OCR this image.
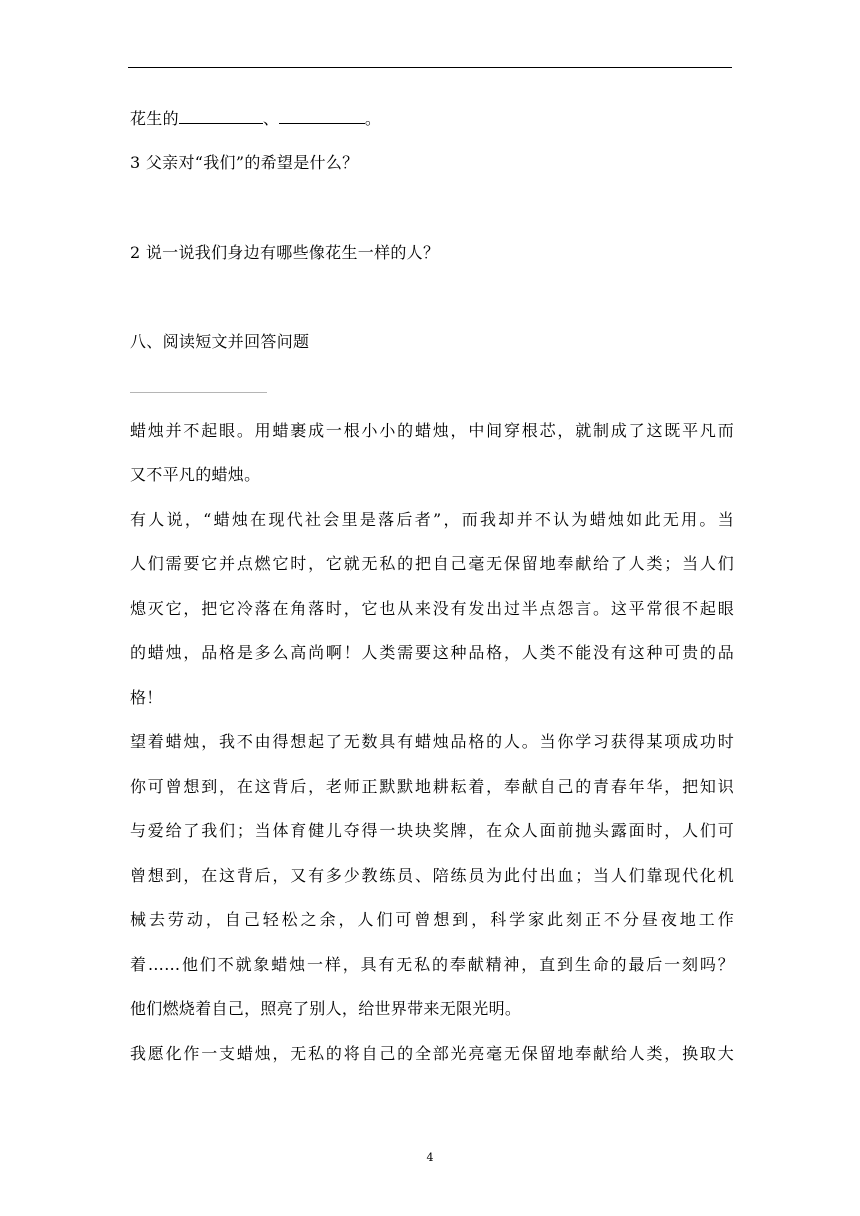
花生的	、	。
3 父亲对“我们”的希望是什么？
2 说一说我们身边有哪些像花生一样的人？
八、阅读短文并回答问题
蜡烛并不起眼。用蜡裹成一根小小的蜡烛，中间穿根芯，就制成了这既平凡而
又不平凡的蜡烛。
有人说，“蜡烛在现代社会里是落后者”，而我却并不认为蜡烛如此无用。当
人们需要它并点燃它时，它就无私的把自己毫无保留地奉献给了人类；当人们
熄灭它，把它冷落在角落时，它也从来没有发出过半点怨言。这平常很不起眼
的蜡烛，品格是多么高尚啊！人类需要这种品格，人类不能没有这种可贵的品
格！
望着蜡烛，我不由得想起了无数具有蜡烛品格的人。当你学习获得某项成功时
你可曾想到，在这背后，老师正默默地耕耘着，奉献自己的青春年华，把知识
与爱给了我们；当体育健儿夺得一块块奖牌，在众人面前抛头露面时，人们可
曾想到，在这背后，又有多少教练员、陪练员为此付出血；当人们靠现代化机
械去劳动，自己轻松之余，人们可曾想到，科学家此刻正不分昼夜地工作
着……他们不就象蜡烛一样，具有无私的奉献精神，直到生命的最后一刻吗？
他们燃烧着自己，照亮了别人，给世界带来无限光明。
我愿化作一支蜡烛，无私的将自己的全部光亮毫无保留地奉献给人类，换取大
4
